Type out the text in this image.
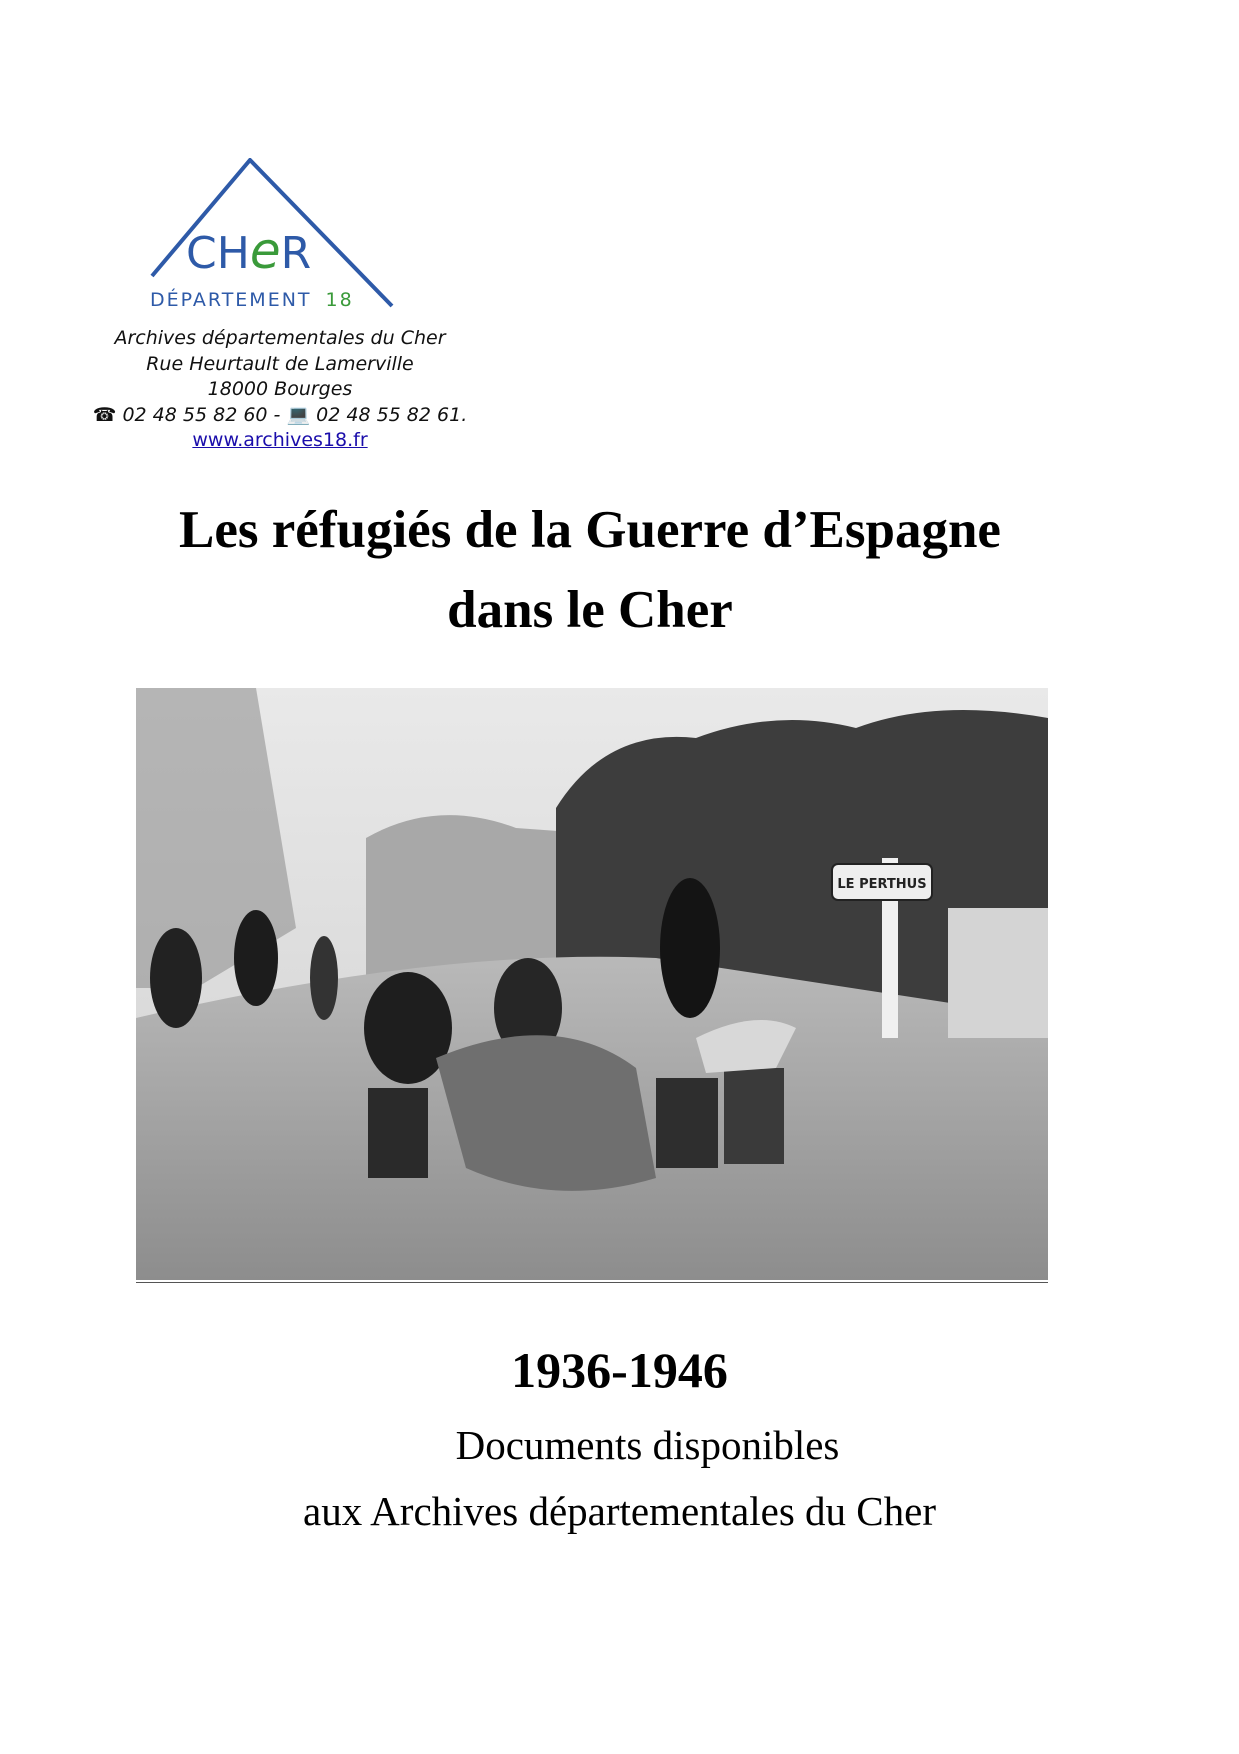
CHeR
DÉPARTEMENT 18
Archives départementales du Cher
Rue Heurtault de Lamerville
18000 Bourges
☎ 02 48 55 82 60 - 💻 02 48 55 82 61.
www.archives18.fr
Les réfugiés de la Guerre d’Espagne
dans le Cher
LE PERTHUS
1936-1946
Documents disponibles
aux Archives départementales du Cher
